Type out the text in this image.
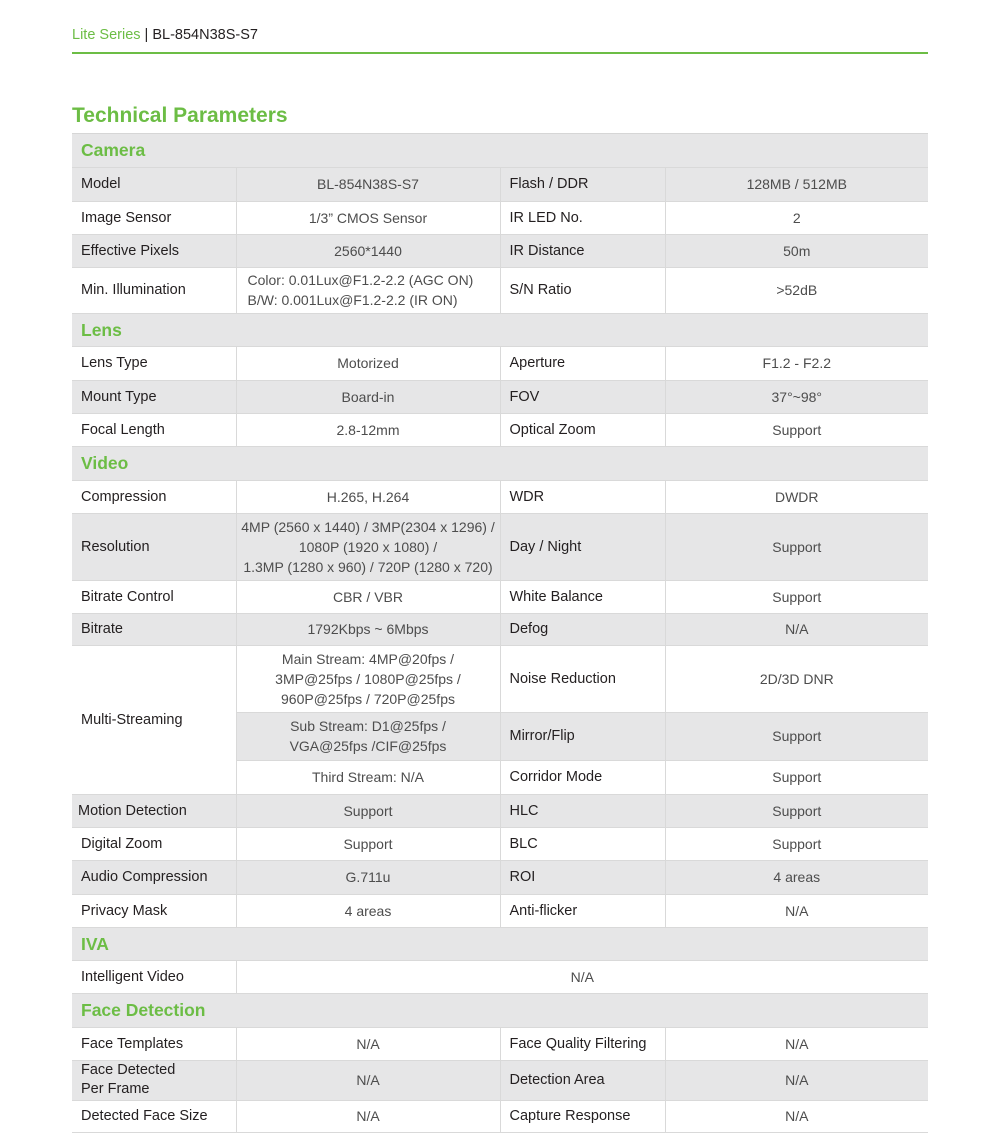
Lite Series | BL-854N38S-S7
Technical Parameters
Camera			
Model	BL-854N38S-S7	Flash / DDR	128MB / 512MB
Image Sensor	1/3” CMOS Sensor	IR LED No.	2
Effective Pixels	2560*1440	IR Distance	50m
Min. Illumination	Color: 0.01Lux@F1.2-2.2 (AGC ON)
B/W: 0.001Lux@F1.2-2.2 (IR ON)	S/N Ratio	>52dB
Lens			
Lens Type	Motorized	Aperture	F1.2 - F2.2
Mount Type	Board-in	FOV	37°~98°
Focal Length	2.8-12mm	Optical Zoom	Support
Video			
Compression	H.265, H.264	WDR	DWDR
Resolution	4MP (2560 x 1440) / 3MP(2304 x 1296) /
1080P (1920 x 1080) /
1.3MP (1280 x 960) / 720P (1280 x 720)	Day / Night	Support
Bitrate Control	CBR / VBR	White Balance	Support
Bitrate	1792Kbps ~ 6Mbps	Defog	N/A
Multi-Streaming	Main Stream: 4MP@20fps /
3MP@25fps / 1080P@25fps /
960P@25fps / 720P@25fps	Noise Reduction	2D/3D DNR
	Sub Stream: D1@25fps /
VGA@25fps /CIF@25fps	Mirror/Flip	Support
	Third Stream: N/A	Corridor Mode	Support
Motion Detection	Support	HLC	Support
Digital Zoom	Support	BLC	Support
Audio Compression	G.711u	ROI	4 areas
Privacy Mask	4 areas	Anti-flicker	N/A
IVA			
Intelligent Video	N/A		
Face Detection			
Face Templates	N/A	Face Quality Filtering	N/A
Face Detected
Per Frame	N/A	Detection Area	N/A
Detected Face Size	N/A	Capture Response	N/A
